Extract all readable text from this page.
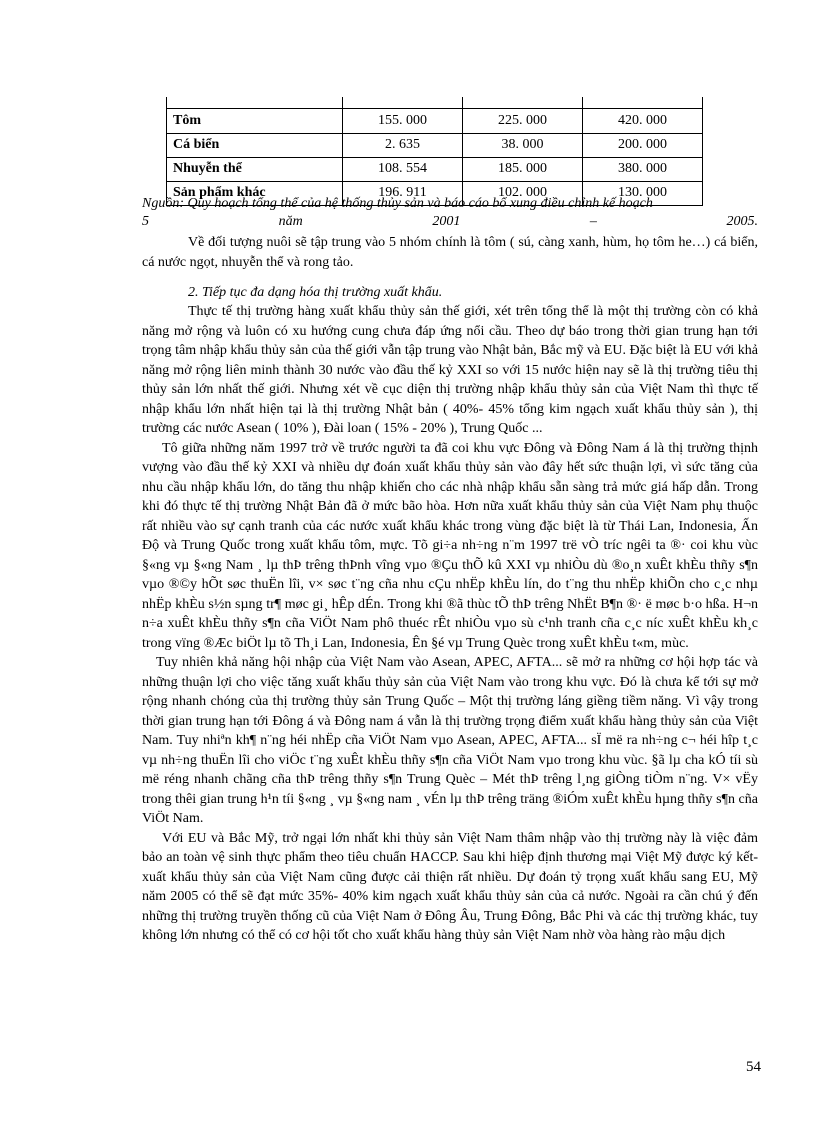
Tôm	155. 000	225. 000	420. 000
Cá biển	2. 635	38. 000	200. 000
Nhuyễn thể	108. 554	185. 000	380. 000
Sản phẩm khác	196. 911	102. 000	130. 000
Nguồn: Quy hoạch tổng thể của hệ thống thủy sản và báo cáo bổ xung điều chỉnh kế hoạch
5	năm	2001	–	2005.

Về đối tượng nuôi sẽ tập trung vào 5 nhóm chính là tôm ( sú, càng xanh, hùm, họ tôm he…) cá biển, cá nước ngọt, nhuyễn thể và rong tảo.

2. Tiếp tục đa dạng hóa thị trường xuất khẩu.

Thực tế thị trường hàng xuất khẩu thủy sản thế giới, xét trên tổng thể là một thị trường còn có khả năng mở rộng và luôn có xu hướng cung chưa đáp ứng nổi cầu. Theo dự báo trong thời gian trung hạn tới trọng tâm nhập khẩu thủy sản của thế giới vẫn tập trung vào Nhật bản, Bắc mỹ và EU. Đặc biệt là EU với khả năng mở rộng liên minh thành 30 nước vào đầu thế kỷ XXI so với 15 nước hiện nay sẽ là thị trường tiêu thị thủy sản lớn nhất thế giới. Nhưng xét về cục diện thị trường nhập khẩu thủy sản của Việt Nam thì thực tế nhập khẩu lớn nhất hiện tại là thị trường Nhật bản ( 40%- 45% tổng kim ngạch xuất khẩu thủy sản ), thị trường các nước Asean ( 10% ), Đài loan ( 15% - 20% ), Trung Quốc ...

Tô giữa những năm 1997 trở về trước người ta đã coi khu vực Đông và Đông Nam á là thị trường thịnh vượng vào đầu thế kỷ XXI và nhiều dự đoán xuất khẩu thủy sản vào đây hết sức thuận lợi, vì sức tăng của nhu cầu nhập khẩu lớn, do tăng thu nhập khiến cho các nhà nhập khẩu sẵn sàng trả mức giá hấp dẫn. Trong khi đó thực tế thị trường Nhật Bản đã ở mức bão hòa. Hơn nữa xuất khẩu thủy sản của Việt Nam phụ thuộc rất nhiều vào sự cạnh tranh của các nước xuất khẩu khác trong vùng đặc biệt là từ Thái Lan, Indonesia, Ấn Độ và Trung Quốc trong xuất khẩu tôm, mực. Tõ gi÷a nh÷ng n¨m 1997 trë vÒ tríc ngêi ta ®· coi khu vùc §«ng vµ §«ng Nam ¸ lµ thÞ trêng thÞnh vîng vµo ®Çu thÕ kû XXI vµ nhiÒu dù ®o¸n xuÊt khÈu thñy s¶n vµo ®©y hÕt søc thuËn lîi, v× søc t¨ng cña nhu cÇu nhËp khÈu lín, do t¨ng thu nhËp khiÕn cho c¸c nhµ nhËp khÈu s½n sµng tr¶ møc gi¸ hÊp dÉn. Trong khi ®ã thùc tÕ thÞ trêng NhËt B¶n ®· ë møc b·o hßa. H¬n n÷a xuÊt khÈu thñy s¶n cña ViÖt Nam phô thuéc rÊt nhiÒu vµo sù c¹nh tranh cña c¸c níc xuÊt khÈu kh¸c trong vïng ®Æc biÖt lµ tõ Th¸i Lan, Indonesia, Ên §é vµ Trung Quèc trong xuÊt khÈu t«m, mùc.

Tuy nhiên khả năng hội nhập của Việt Nam vào Asean, APEC, AFTA... sẽ mở ra những cơ hội hợp tác và những thuận lợi cho việc tăng xuất khẩu thủy sản của Việt Nam vào trong khu vực. Đó là chưa kể tới sự mở rộng nhanh chóng của thị trường thủy sản Trung Quốc – Một thị trường láng giềng tiềm năng. Vì vậy trong thời gian trung hạn tới Đông á và Đông nam á vẫn là thị trường trọng điểm xuất khẩu hàng thủy sản của Việt Nam. Tuy nhiªn kh¶ n¨ng héi nhËp cña ViÖt Nam vµo Asean, APEC, AFTA... sÏ më ra nh÷ng c¬ héi hîp t¸c vµ nh÷ng thuËn lîi cho viÖc t¨ng xuÊt khÈu thñy s¶n cña ViÖt Nam vµo trong khu vùc. §ã lµ cha kÓ tíi sù më réng nhanh chãng cña thÞ trêng thñy s¶n Trung Quèc – Mét thÞ trêng l¸ng giÒng tiÒm n¨ng. V× vËy trong thêi gian trung h¹n tíi §«ng ¸ vµ §«ng nam ¸ vÉn lµ thÞ trêng träng ®iÓm xuÊt khÈu hµng thñy s¶n cña ViÖt Nam.

Với EU và Bắc Mỹ, trở ngại lớn nhất khi thủy sản Việt Nam thâm nhập vào thị trường này là việc đảm bảo an toàn vệ sinh thực phẩm theo tiêu chuẩn HACCP. Sau khi hiệp định thương mại Việt Mỹ được ký kết- xuất khẩu thủy sản của Việt Nam cũng được cải thiện rất nhiều. Dự đoán tỷ trọng xuất khẩu sang EU, Mỹ năm 2005 có thể sẽ đạt mức 35%- 40% kim ngạch xuất khẩu thủy sản của cả nước. Ngoài ra cần chú ý đến những thị trường truyền thống cũ của Việt Nam ở Đông Âu, Trung Đông, Bắc Phi và các thị trường khác, tuy không lớn nhưng có thể có cơ hội tốt cho xuất khẩu hàng thủy sản Việt Nam nhờ vòa hàng rào mậu dịch

54
